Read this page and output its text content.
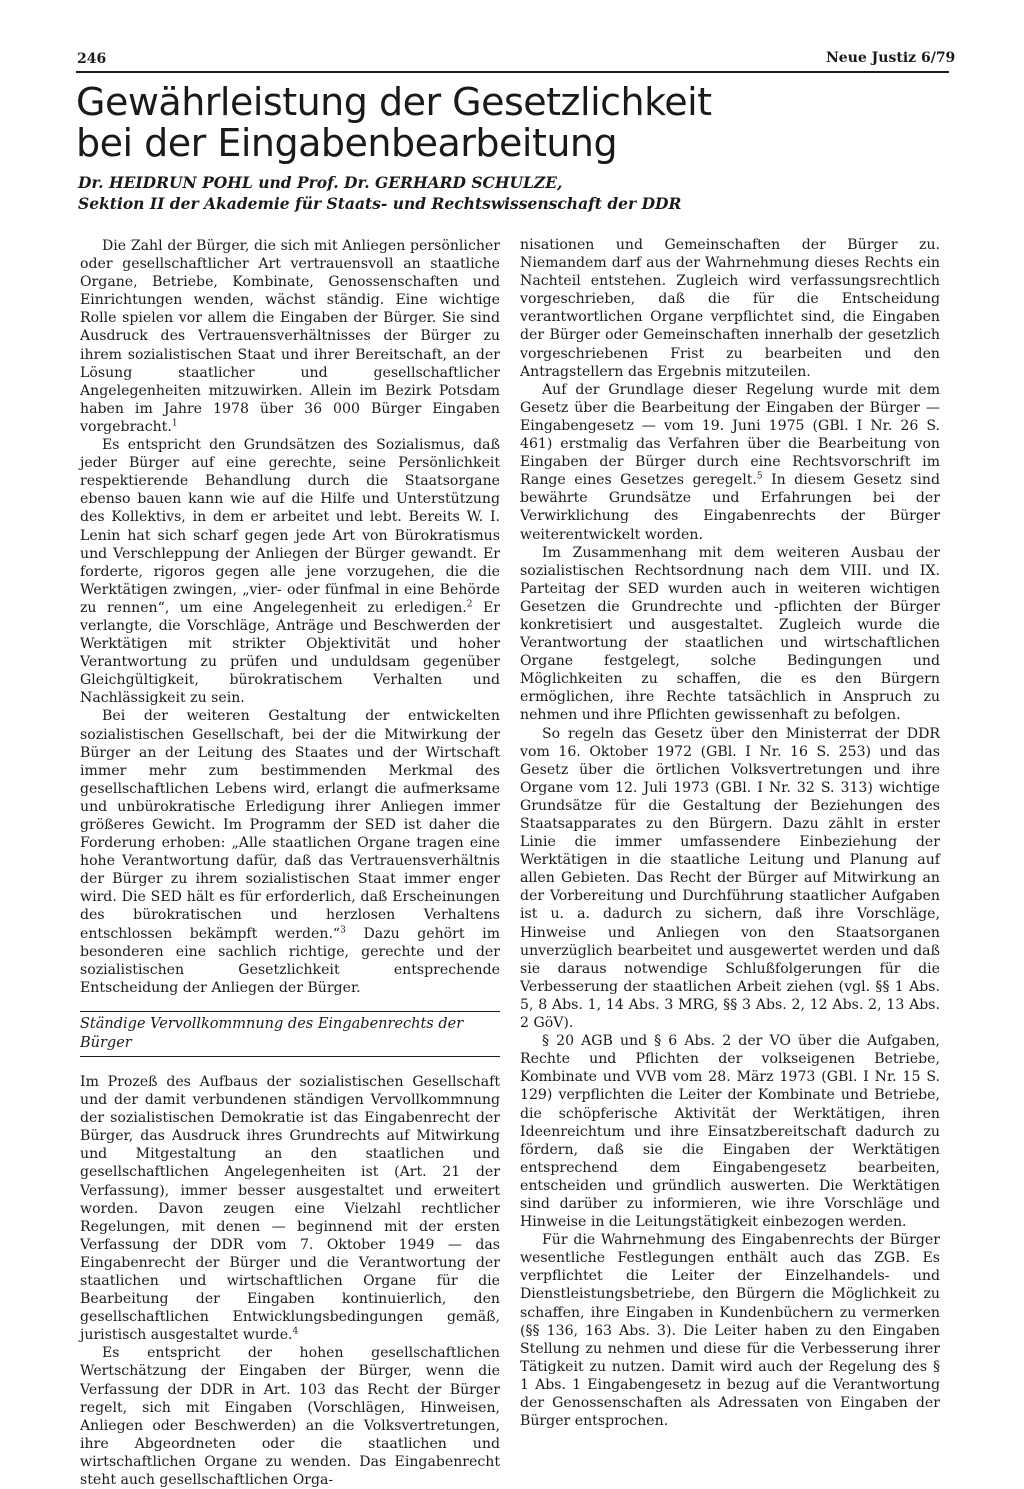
246	Neue Justiz 6/79
Gewährleistung der Gesetzlichkeit
bei der Eingabenbearbeitung
Dr. HEIDRUN POHL und Prof. Dr. GERHARD SCHULZE,
Sektion II der Akademie für Staats- und Rechtswissenschaft der DDR

Die Zahl der Bürger, die sich mit Anliegen persönlicher oder gesellschaftlicher Art vertrauensvoll an staatliche Organe, Betriebe, Kombinate, Genossenschaften und Einrichtungen wenden, wächst ständig. Eine wichtige Rolle spielen vor allem die Eingaben der Bürger. Sie sind Ausdruck des Vertrauensverhältnisses der Bürger zu ihrem sozialistischen Staat und ihrer Bereitschaft, an der Lösung staatlicher und gesellschaftlicher Angelegenheiten mitzuwirken. Allein im Bezirk Potsdam haben im Jahre 1978 über 36 000 Bürger Eingaben vorgebracht.$^1$

Es entspricht den Grundsätzen des Sozialismus, daß jeder Bürger auf eine gerechte, seine Persönlichkeit respektierende Behandlung durch die Staatsorgane ebenso bauen kann wie auf die Hilfe und Unterstützung des Kollektivs, in dem er arbeitet und lebt. Bereits W. I. Lenin hat sich scharf gegen jede Art von Bürokratismus und Verschleppung der Anliegen der Bürger gewandt. Er forderte, rigoros gegen alle jene vorzugehen, die die Werktätigen zwingen, „vier- oder fünfmal in eine Behörde zu rennen“, um eine Angelegenheit zu erledigen.$^2$ Er verlangte, die Vorschläge, Anträge und Beschwerden der Werktätigen mit strikter Objektivität und hoher Verantwortung zu prüfen und unduldsam gegenüber Gleichgültigkeit, bürokratischem Verhalten und Nachlässigkeit zu sein.

Bei der weiteren Gestaltung der entwickelten sozialistischen Gesellschaft, bei der die Mitwirkung der Bürger an der Leitung des Staates und der Wirtschaft immer mehr zum bestimmenden Merkmal des gesellschaftlichen Lebens wird, erlangt die aufmerksame und unbürokratische Erledigung ihrer Anliegen immer größeres Gewicht. Im Programm der SED ist daher die Forderung erhoben: „Alle staatlichen Organe tragen eine hohe Verantwortung dafür, daß das Vertrauensverhältnis der Bürger zu ihrem sozialistischen Staat immer enger wird. Die SED hält es für erforderlich, daß Erscheinungen des bürokratischen und herzlosen Verhaltens entschlossen bekämpft werden.“$^3$ Dazu gehört im besonderen eine sachlich richtige, gerechte und der sozialistischen Gesetzlichkeit entsprechende Entscheidung der Anliegen der Bürger.

Ständige Vervollkommnung des Eingabenrechts der Bürger

Im Prozeß des Aufbaus der sozialistischen Gesellschaft und der damit verbundenen ständigen Vervollkommnung der sozialistischen Demokratie ist das Eingabenrecht der Bürger, das Ausdruck ihres Grundrechts auf Mitwirkung und Mitgestaltung an den staatlichen und gesellschaftlichen Angelegenheiten ist (Art. 21 der Verfassung), immer besser ausgestaltet und erweitert worden. Davon zeugen eine Vielzahl rechtlicher Regelungen, mit denen — beginnend mit der ersten Verfassung der DDR vom 7. Oktober 1949 — das Eingabenrecht der Bürger und die Verantwortung der staatlichen und wirtschaftlichen Organe für die Bearbeitung der Eingaben kontinuierlich, den gesellschaftlichen Entwicklungsbedingungen gemäß, juristisch ausgestaltet wurde.$^4$

Es entspricht der hohen gesellschaftlichen Wertschätzung der Eingaben der Bürger, wenn die Verfassung der DDR in Art. 103 das Recht der Bürger regelt, sich mit Eingaben (Vorschlägen, Hinweisen, Anliegen oder Beschwerden) an die Volksvertretungen, ihre Abgeordneten oder die staatlichen und wirtschaftlichen Organe zu wenden. Das Eingabenrecht steht auch gesellschaftlichen Orga-

nisationen und Gemeinschaften der Bürger zu. Niemandem darf aus der Wahrnehmung dieses Rechts ein Nachteil entstehen. Zugleich wird verfassungsrechtlich vorgeschrieben, daß die für die Entscheidung verantwortlichen Organe verpflichtet sind, die Eingaben der Bürger oder Gemeinschaften innerhalb der gesetzlich vorgeschriebenen Frist zu bearbeiten und den Antragstellern das Ergebnis mitzuteilen.

Auf der Grundlage dieser Regelung wurde mit dem Gesetz über die Bearbeitung der Eingaben der Bürger — Eingabengesetz — vom 19. Juni 1975 (GBl. I Nr. 26 S. 461) erstmalig das Verfahren über die Bearbeitung von Eingaben der Bürger durch eine Rechtsvorschrift im Range eines Gesetzes geregelt.$^5$ In diesem Gesetz sind bewährte Grundsätze und Erfahrungen bei der Verwirklichung des Eingabenrechts der Bürger weiterentwickelt worden.

Im Zusammenhang mit dem weiteren Ausbau der sozialistischen Rechtsordnung nach dem VIII. und IX. Parteitag der SED wurden auch in weiteren wichtigen Gesetzen die Grundrechte und -pflichten der Bürger konkretisiert und ausgestaltet. Zugleich wurde die Verantwortung der staatlichen und wirtschaftlichen Organe festgelegt, solche Bedingungen und Möglichkeiten zu schaffen, die es den Bürgern ermöglichen, ihre Rechte tatsächlich in Anspruch zu nehmen und ihre Pflichten gewissenhaft zu befolgen.

So regeln das Gesetz über den Ministerrat der DDR vom 16. Oktober 1972 (GBl. I Nr. 16 S. 253) und das Gesetz über die örtlichen Volksvertretungen und ihre Organe vom 12. Juli 1973 (GBl. I Nr. 32 S. 313) wichtige Grundsätze für die Gestaltung der Beziehungen des Staatsapparates zu den Bürgern. Dazu zählt in erster Linie die immer umfassendere Einbeziehung der Werktätigen in die staatliche Leitung und Planung auf allen Gebieten. Das Recht der Bürger auf Mitwirkung an der Vorbereitung und Durchführung staatlicher Aufgaben ist u. a. dadurch zu sichern, daß ihre Vorschläge, Hinweise und Anliegen von den Staatsorganen unverzüglich bearbeitet und ausgewertet werden und daß sie daraus notwendige Schlußfolgerungen für die Verbesserung der staatlichen Arbeit ziehen (vgl. §§ 1 Abs. 5, 8 Abs. 1, 14 Abs. 3 MRG, §§ 3 Abs. 2, 12 Abs. 2, 13 Abs. 2 GöV).

§ 20 AGB und § 6 Abs. 2 der VO über die Aufgaben, Rechte und Pflichten der volkseigenen Betriebe, Kombinate und VVB vom 28. März 1973 (GBl. I Nr. 15 S. 129) verpflichten die Leiter der Kombinate und Betriebe, die schöpferische Aktivität der Werktätigen, ihren Ideenreichtum und ihre Einsatzbereitschaft dadurch zu fördern, daß sie die Eingaben der Werktätigen entsprechend dem Eingabengesetz bearbeiten, entscheiden und gründlich auswerten. Die Werktätigen sind darüber zu informieren, wie ihre Vorschläge und Hinweise in die Leitungstätigkeit einbezogen werden.

Für die Wahrnehmung des Eingabenrechts der Bürger wesentliche Festlegungen enthält auch das ZGB. Es verpflichtet die Leiter der Einzelhandels- und Dienstleistungsbetriebe, den Bürgern die Möglichkeit zu schaffen, ihre Eingaben in Kundenbüchern zu vermerken (§§ 136, 163 Abs. 3). Die Leiter haben zu den Eingaben Stellung zu nehmen und diese für die Verbesserung ihrer Tätigkeit zu nutzen. Damit wird auch der Regelung des § 1 Abs. 1 Eingabengesetz in bezug auf die Verantwortung der Genossenschaften als Adressaten von Eingaben der Bürger entsprochen.
